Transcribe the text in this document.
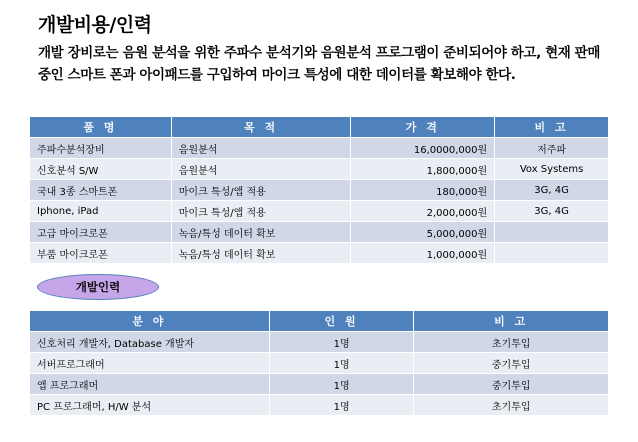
개발비용/인력
개발 장비로는 음원 분석을 위한 주파수 분석기와 음원분석 프로그램이 준비되어야 하고, 현재 판매중인 스마트 폰과 아이패드를 구입하여 마이크 특성에 대한 데이터를 확보해야 한다.
품 명	목 적	가 격	비 고
주파수분석장비	음원분석	16,0000,000원	저주파
신호분석 S/W	음원분석	1,800,000원	Vox Systems
국내 3종 스마트폰	마이크 특성/앱 적용	180,000원	3G, 4G
Iphone, iPad	마이크 특성/앱 적용	2,000,000원	3G, 4G
고급 마이크로폰	녹음/특성 데이터 확보	5,000,000원	
부품 마이크로폰	녹음/특성 데이터 확보	1,000,000원	
개발인력
분 야	인 원	비 고
신호처리 개발자, Database 개발자	1명	초기투입
서버프로그래머	1명	중기투입
앱 프로그래머	1명	중기투입
PC 프로그래머, H/W 분석	1명	초기투입
